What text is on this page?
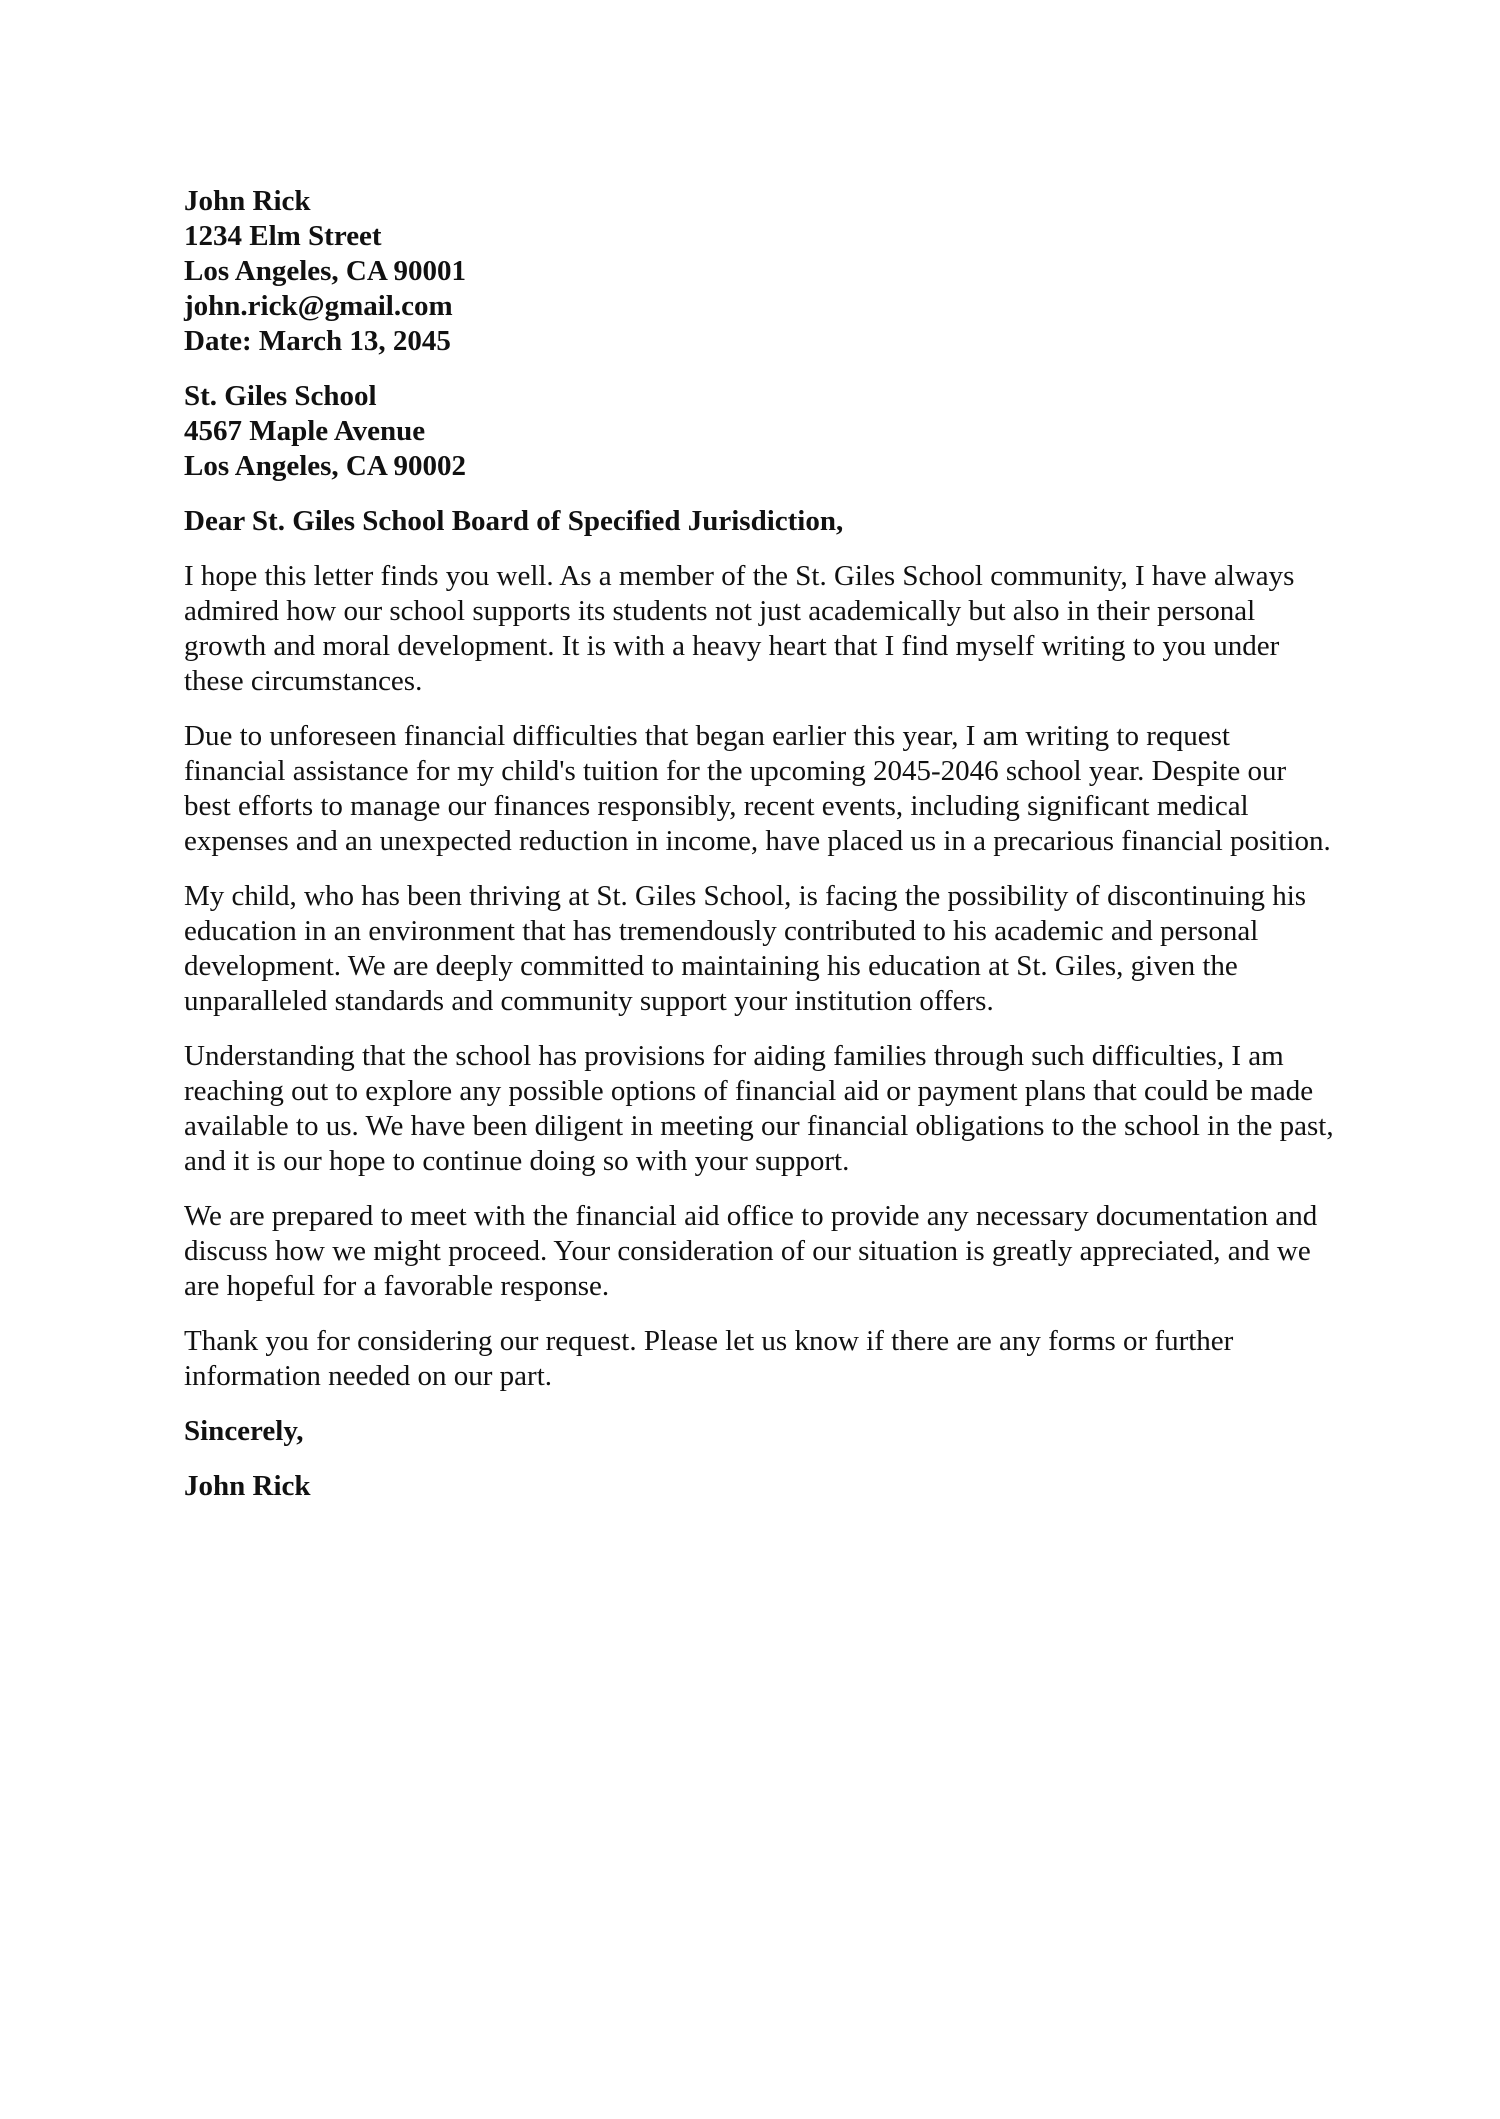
John Rick
1234 Elm Street
Los Angeles, CA 90001
john.rick@gmail.com
Date: March 13, 2045
St. Giles School
4567 Maple Avenue
Los Angeles, CA 90002
Dear St. Giles School Board of Specified Jurisdiction,

I hope this letter finds you well. As a member of the St. Giles School community, I have always admired how our school supports its students not just academically but also in their personal growth and moral development. It is with a heavy heart that I find myself writing to you under these circumstances.

Due to unforeseen financial difficulties that began earlier this year, I am writing to request financial assistance for my child's tuition for the upcoming 2045-2046 school year. Despite our best efforts to manage our finances responsibly, recent events, including significant medical expenses and an unexpected reduction in income, have placed us in a precarious financial position.

My child, who has been thriving at St. Giles School, is facing the possibility of discontinuing his education in an environment that has tremendously contributed to his academic and personal development. We are deeply committed to maintaining his education at St. Giles, given the unparalleled standards and community support your institution offers.

Understanding that the school has provisions for aiding families through such difficulties, I am reaching out to explore any possible options of financial aid or payment plans that could be made available to us. We have been diligent in meeting our financial obligations to the school in the past, and it is our hope to continue doing so with your support.

We are prepared to meet with the financial aid office to provide any necessary documentation and discuss how we might proceed. Your consideration of our situation is greatly appreciated, and we are hopeful for a favorable response.

Thank you for considering our request. Please let us know if there are any forms or further information needed on our part.

Sincerely,
John Rick
